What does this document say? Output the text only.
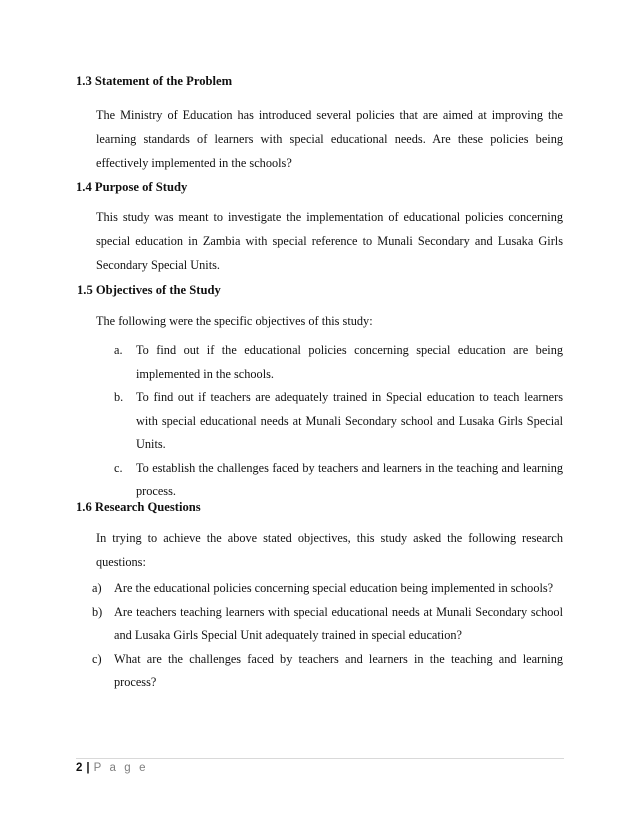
1.3 Statement of the Problem
The Ministry of Education has introduced several policies that are aimed at improving the learning standards of learners with special educational needs. Are these policies being effectively implemented in the schools?
1.4 Purpose of Study
This study was meant to investigate the implementation of educational policies concerning special education in Zambia with special reference to Munali Secondary and Lusaka Girls Secondary Special Units.
1.5 Objectives of the Study
The following were the specific objectives of this study:
a. To find out if the educational policies concerning special education are being implemented in the schools.
b. To find out if teachers are adequately trained in Special education to teach learners with special educational needs at Munali Secondary school and Lusaka Girls Special Units.
c. To establish the challenges faced by teachers and learners in the teaching and learning process.
1.6 Research Questions
In trying to achieve the above stated objectives, this study asked the following research questions:
a) Are the educational policies concerning special education being implemented in schools?
b) Are teachers teaching learners with special educational needs at Munali Secondary school and Lusaka Girls Special Unit adequately trained in special education?
c) What are the challenges faced by teachers and learners in the teaching and learning process?
2 | P a g e
